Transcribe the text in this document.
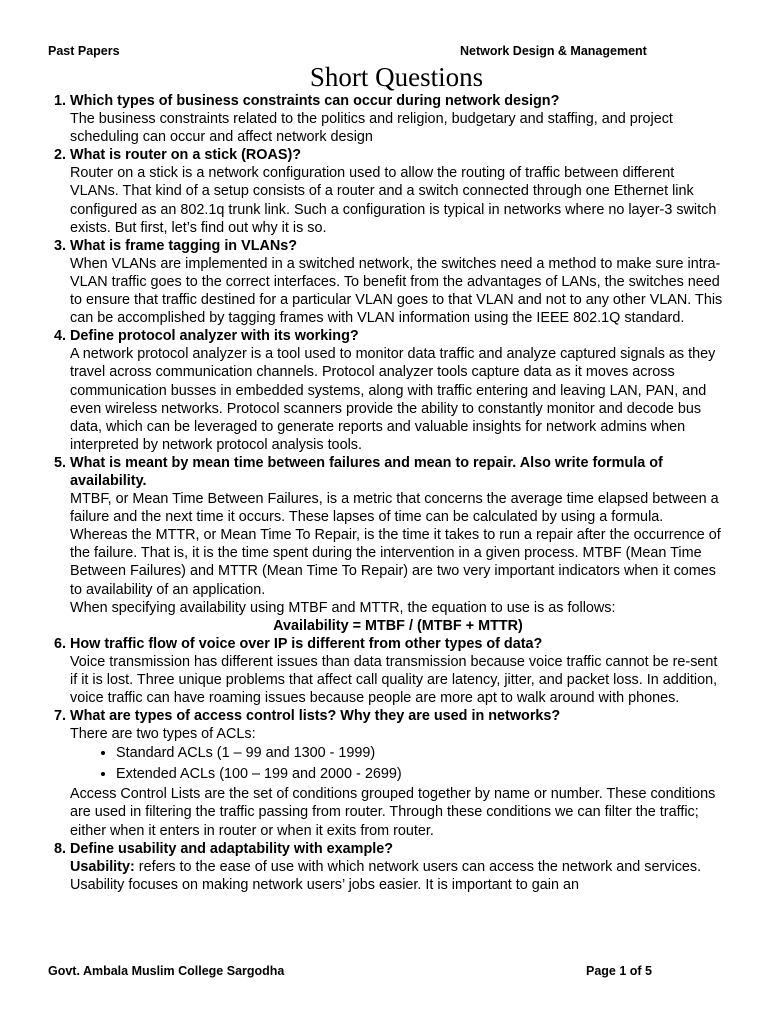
Past Papers	Network Design & Management
Short Questions
1. Which types of business constraints can occur during network design?
The business constraints related to the politics and religion, budgetary and staffing, and project scheduling can occur and affect network design
2. What is router on a stick (ROAS)?
Router on a stick is a network configuration used to allow the routing of traffic between different VLANs. That kind of a setup consists of a router and a switch connected through one Ethernet link configured as an 802.1q trunk link. Such a configuration is typical in networks where no layer-3 switch exists. But first, let’s find out why it is so.
3. What is frame tagging in VLANs?
When VLANs are implemented in a switched network, the switches need a method to make sure intra-VLAN traffic goes to the correct interfaces. To benefit from the advantages of LANs, the switches need to ensure that traffic destined for a particular VLAN goes to that VLAN and not to any other VLAN. This can be accomplished by tagging frames with VLAN information using the IEEE 802.1Q standard.
4. Define protocol analyzer with its working?
A network protocol analyzer is a tool used to monitor data traffic and analyze captured signals as they travel across communication channels. Protocol analyzer tools capture data as it moves across communication busses in embedded systems, along with traffic entering and leaving LAN, PAN, and even wireless networks. Protocol scanners provide the ability to constantly monitor and decode bus data, which can be leveraged to generate reports and valuable insights for network admins when interpreted by network protocol analysis tools.
5. What is meant by mean time between failures and mean to repair. Also write formula of availability.
MTBF, or Mean Time Between Failures, is a metric that concerns the average time elapsed between a failure and the next time it occurs. These lapses of time can be calculated by using a formula.
Whereas the MTTR, or Mean Time To Repair, is the time it takes to run a repair after the occurrence of the failure. That is, it is the time spent during the intervention in a given process. MTBF (Mean Time Between Failures) and MTTR (Mean Time To Repair) are two very important indicators when it comes to availability of an application.
When specifying availability using MTBF and MTTR, the equation to use is as follows:
Availability = MTBF / (MTBF + MTTR)
6. How traffic flow of voice over IP is different from other types of data?
Voice transmission has different issues than data transmission because voice traffic cannot be re-sent if it is lost. Three unique problems that affect call quality are latency, jitter, and packet loss. In addition, voice traffic can have roaming issues because people are more apt to walk around with phones.
7. What are types of access control lists? Why they are used in networks?
There are two types of ACLs:
• Standard ACLs (1 – 99 and 1300 - 1999)
• Extended ACLs (100 – 199 and 2000 - 2699)
Access Control Lists are the set of conditions grouped together by name or number. These conditions are used in filtering the traffic passing from router. Through these conditions we can filter the traffic; either when it enters in router or when it exits from router.
8. Define usability and adaptability with example?
Usability: refers to the ease of use with which network users can access the network and services. Usability focuses on making network users’ jobs easier. It is important to gain an
Govt. Ambala Muslim College Sargodha	Page 1 of 5
